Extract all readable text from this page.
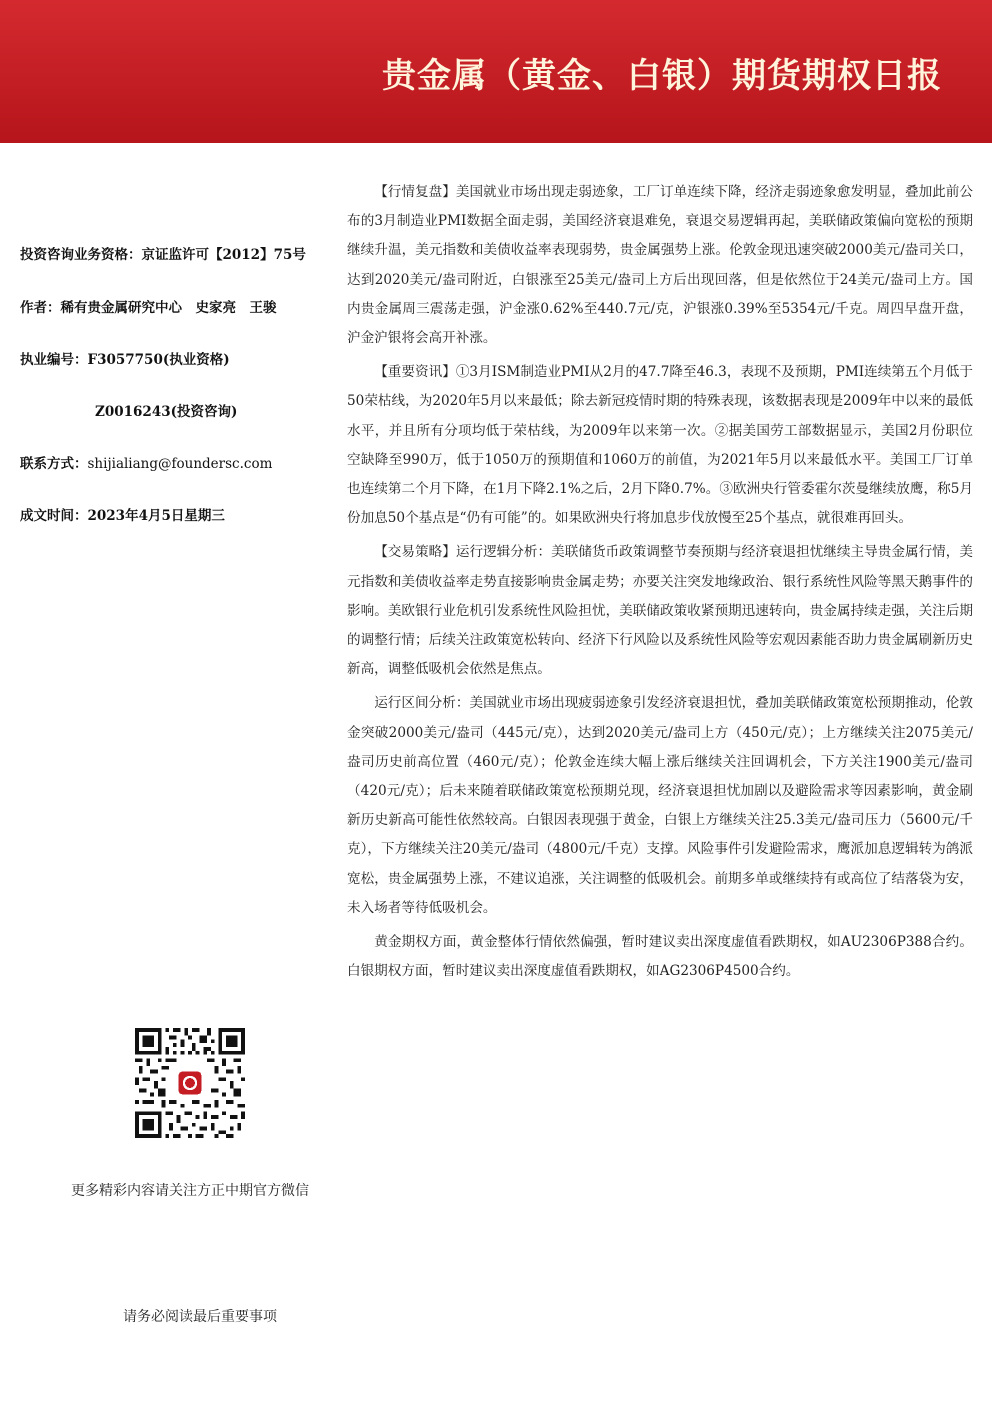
贵金属（黄金、白银）期货期权日报
投资咨询业务资格：京证监许可【2012】75号
作者：稀有贵金属研究中心　史家亮　王骏
执业编号：F3057750(执业资格)
Z0016243(投资咨询)
联系方式：shijialiang@foundersc.com
成文时间：2023年4月5日星期三
更多精彩内容请关注方正中期官方微信
请务必阅读最后重要事项

【行情复盘】美国就业市场出现走弱迹象，工厂订单连续下降，经济走弱迹象愈发明显，叠加此前公布的3月制造业PMI数据全面走弱，美国经济衰退难免，衰退交易逻辑再起，美联储政策偏向宽松的预期继续升温，美元指数和美债收益率表现弱势，贵金属强势上涨。伦敦金现迅速突破2000美元/盎司关口，达到2020美元/盎司附近，白银涨至25美元/盎司上方后出现回落，但是依然位于24美元/盎司上方。国内贵金属周三震荡走强，沪金涨0.62%至440.7元/克，沪银涨0.39%至5354元/千克。周四早盘开盘，沪金沪银将会高开补涨。

【重要资讯】①3月ISM制造业PMI从2月的47.7降至46.3，表现不及预期，PMI连续第五个月低于50荣枯线，为2020年5月以来最低；除去新冠疫情时期的特殊表现，该数据表现是2009年中以来的最低水平，并且所有分项均低于荣枯线，为2009年以来第一次。②据美国劳工部数据显示，美国2月份职位空缺降至990万，低于1050万的预期值和1060万的前值，为2021年5月以来最低水平。美国工厂订单也连续第二个月下降，在1月下降2.1%之后，2月下降0.7%。③欧洲央行管委霍尔茨曼继续放鹰，称5月份加息50个基点是“仍有可能”的。如果欧洲央行将加息步伐放慢至25个基点，就很难再回头。

【交易策略】运行逻辑分析：美联储货币政策调整节奏预期与经济衰退担忧继续主导贵金属行情，美元指数和美债收益率走势直接影响贵金属走势；亦要关注突发地缘政治、银行系统性风险等黑天鹅事件的影响。美欧银行业危机引发系统性风险担忧，美联储政策收紧预期迅速转向，贵金属持续走强，关注后期的调整行情；后续关注政策宽松转向、经济下行风险以及系统性风险等宏观因素能否助力贵金属刷新历史新高，调整低吸机会依然是焦点。

运行区间分析：美国就业市场出现疲弱迹象引发经济衰退担忧，叠加美联储政策宽松预期推动，伦敦金突破2000美元/盎司（445元/克），达到2020美元/盎司上方（450元/克）；上方继续关注2075美元/盎司历史前高位置（460元/克）；伦敦金连续大幅上涨后继续关注回调机会，下方关注1900美元/盎司（420元/克）；后未来随着联储政策宽松预期兑现，经济衰退担忧加剧以及避险需求等因素影响，黄金刷新历史新高可能性依然较高。白银因表现强于黄金，白银上方继续关注25.3美元/盎司压力（5600元/千克），下方继续关注20美元/盎司（4800元/千克）支撑。风险事件引发避险需求，鹰派加息逻辑转为鸽派宽松，贵金属强势上涨，不建议追涨，关注调整的低吸机会。前期多单或继续持有或高位了结落袋为安，未入场者等待低吸机会。

黄金期权方面，黄金整体行情依然偏强，暂时建议卖出深度虚值看跌期权，如AU2306P388合约。白银期权方面，暂时建议卖出深度虚值看跌期权，如AG2306P4500合约。
